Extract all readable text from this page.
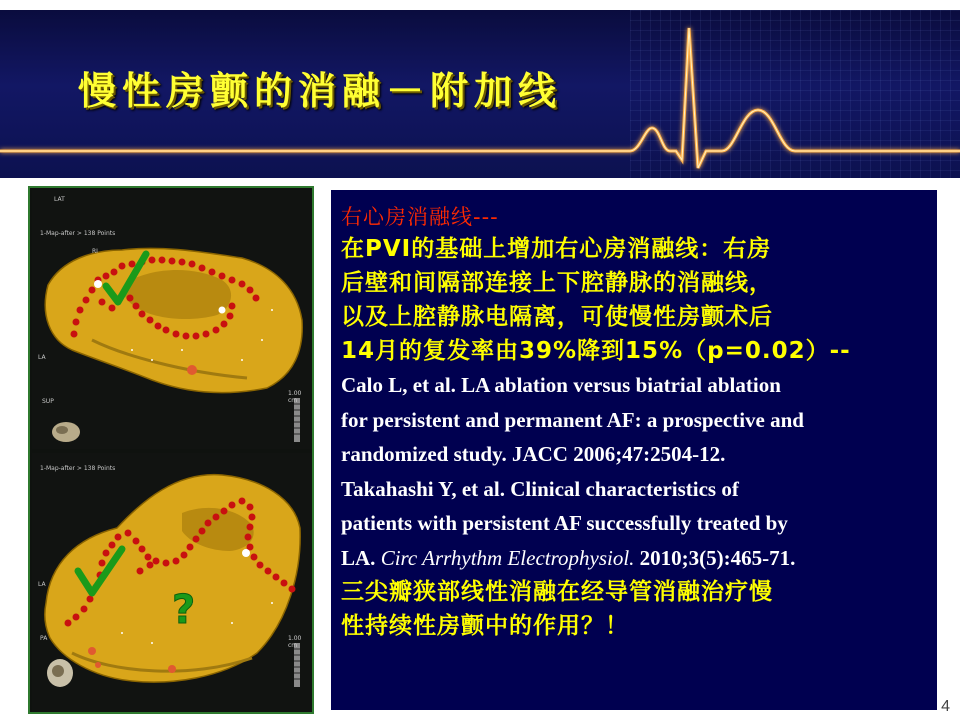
慢性房颤的消融－附加线
LAT
1-Map-after > 138 Points
RI
LA
SUP
1.00 cm
?
1-Map-after > 138 Points
LA
PA	1.00 cm

右心房消融线---

在PVI的基础上增加右心房消融线：右房

后壁和间隔部连接上下腔静脉的消融线，

以及上腔静脉电隔离，可使慢性房颤术后

14月的复发率由39%降到15%（p=0.02）--

Calo L, et al. LA ablation versus biatrial ablation

for persistent and permanent AF: a prospective and

randomized study. JACC 2006;47:2504-12.

Takahashi Y, et al. Clinical characteristics of

patients with persistent AF successfully treated by

LA. Circ Arrhythm Electrophysiol. 2010;3(5):465-71.

三尖瓣狭部线性消融在经导管消融治疗慢

性持续性房颤中的作用？！

4
